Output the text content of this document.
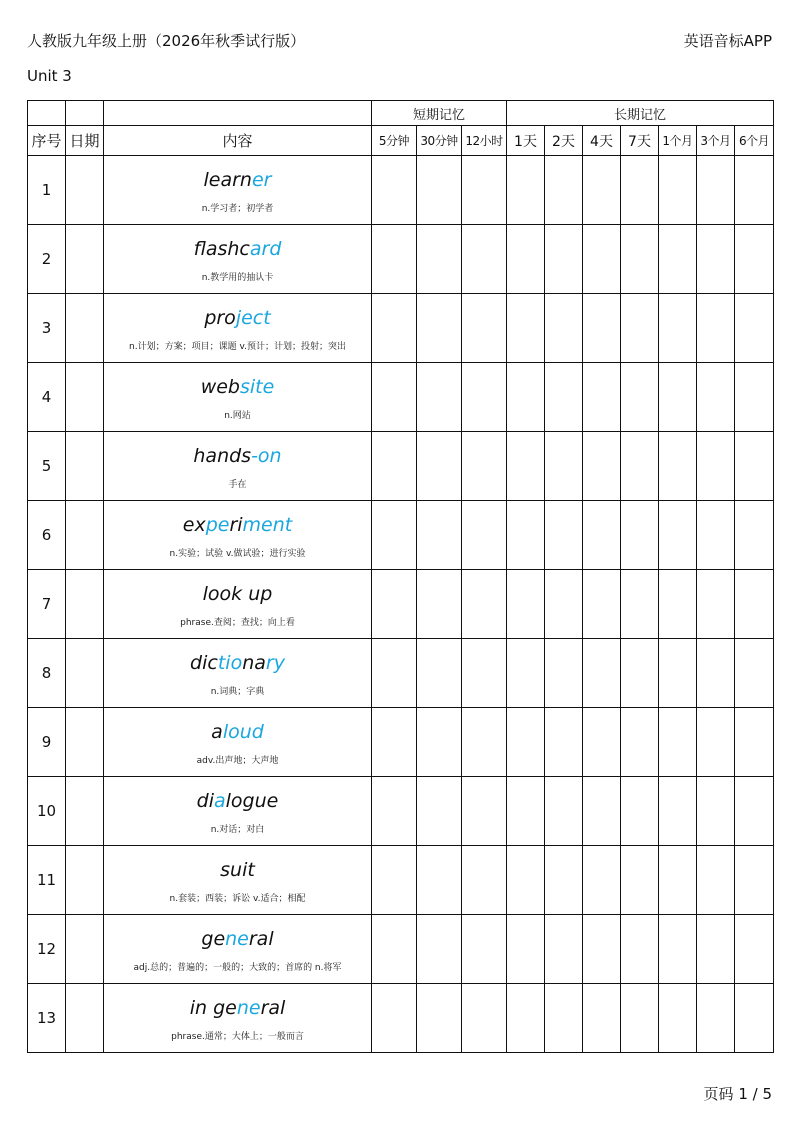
人教版九年级上册（2026年秋季试行版）	英语音标APP
Unit 3
			短期记忆			长期记忆						
序号	日期	内容	5分钟	30分钟	12小时	1天	2天	4天	7天	1个月	3个月	6个月
1		learner
n.学习者；初学者										

2		flashcard
n.教学用的抽认卡										

3		project
n.计划；方案；项目；课题 v.预计；计划；投射；突出										

4		website
n.网站										

5		hands-on
手在										

6		experiment
n.实验；试验 v.做试验；进行实验										

7		look up
phrase.查阅；查找；向上看										

8		dictionary
n.词典；字典										

9		aloud
adv.出声地；大声地										

10		dialogue
n.对话；对白										

11		suit
n.套装；西装；诉讼 v.适合；相配										

12		general
adj.总的；普遍的；一般的；大致的；首席的 n.将军										

13		in general
phrase.通常；大体上；一般而言										

页码 1 / 5
